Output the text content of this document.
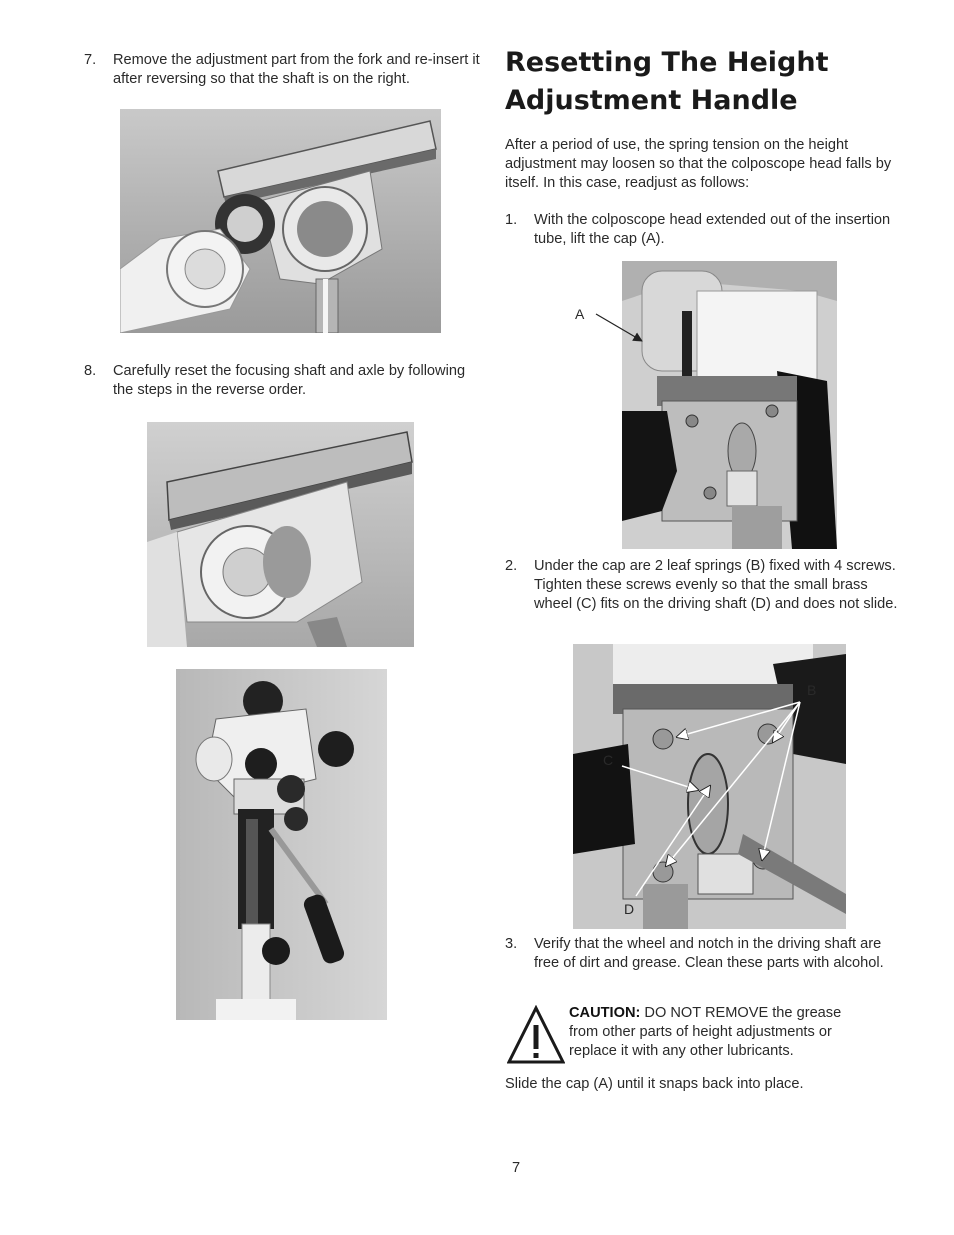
7.	Remove the adjustment part from the fork and re-insert it after reversing so that the shaft is on the right.
8.	Carefully reset the focusing shaft and axle by following the steps in the reverse order.
Resetting The Height Adjustment Handle

After a period of use, the spring tension on the height adjustment may loosen so that the colposcope head falls by itself. In this case, readjust as follows:

1.	With the colposcope head extended out of the insertion tube, lift the cap (A).
2.	Under the cap are 2 leaf springs (B) fixed with 4 screws. Tighten these screws evenly so that the small brass wheel (C) fits on the driving shaft (D) and does not slide.
3.	Verify that the wheel and notch in the driving shaft are free of dirt and grease. Clean these parts with alcohol.
CAUTION: DO NOT REMOVE the grease from other parts of height adjustments or replace it with any other lubricants.

Slide the cap (A) until it snaps back into place.

A
B
C
D
7
